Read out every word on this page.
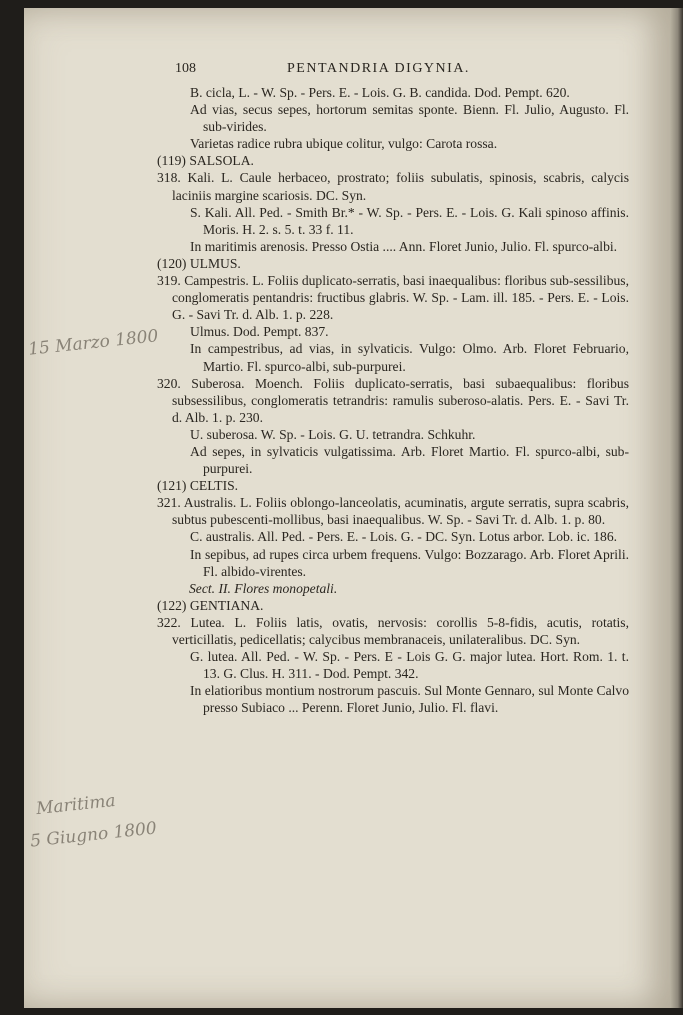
108	PENTANDRIA DIGYNIA.

B. cicla, L. - W. Sp. - Pers. E. - Lois. G. B. candida. Dod. Pempt. 620.

Ad vias, secus sepes, hortorum semitas sponte. Bienn. Fl. Julio, Augusto. Fl. sub-virides.

Varietas radice rubra ubique colitur, vulgo: Carota rossa.

(119) SALSOLA.

318. Kali. L. Caule herbaceo, prostrato; foliis subulatis, spinosis, scabris, calycis laciniis margine scariosis. DC. Syn.

S. Kali. All. Ped. - Smith Br.* - W. Sp. - Pers. E. - Lois. G. Kali spinoso affinis. Moris. H. 2. s. 5. t. 33 f. 11.

In maritimis arenosis. Presso Ostia .... Ann. Floret Junio, Julio. Fl. spurco-albi.

(120) ULMUS.

319. Campestris. L. Foliis duplicato-serratis, basi inaequalibus: floribus sub-sessilibus, conglomeratis pentandris: fructibus glabris. W. Sp. - Lam. ill. 185. - Pers. E. - Lois. G. - Savi Tr. d. Alb. 1. p. 228.

Ulmus. Dod. Pempt. 837.

In campestribus, ad vias, in sylvaticis. Vulgo: Olmo. Arb. Floret Februario, Martio. Fl. spurco-albi, sub-purpurei.

320. Suberosa. Moench. Foliis duplicato-serratis, basi subaequalibus: floribus subsessilibus, conglomeratis tetrandris: ramulis suberoso-alatis. Pers. E. - Savi Tr. d. Alb. 1. p. 230.

U. suberosa. W. Sp. - Lois. G. U. tetrandra. Schkuhr.

Ad sepes, in sylvaticis vulgatissima. Arb. Floret Martio. Fl. spurco-albi, sub-purpurei.

(121) CELTIS.

321. Australis. L. Foliis oblongo-lanceolatis, acuminatis, argute serratis, supra scabris, subtus pubescenti-mollibus, basi inaequalibus. W. Sp. - Savi Tr. d. Alb. 1. p. 80.

C. australis. All. Ped. - Pers. E. - Lois. G. - DC. Syn. Lotus arbor. Lob. ic. 186.

In sepibus, ad rupes circa urbem frequens. Vulgo: Bozzarago. Arb. Floret Aprili. Fl. albido-virentes.

Sect. II. Flores monopetali.

(122) GENTIANA.

322. Lutea. L. Foliis latis, ovatis, nervosis: corollis 5-8-fidis, acutis, rotatis, verticillatis, pedicellatis; calycibus membranaceis, unilateralibus. DC. Syn.

G. lutea. All. Ped. - W. Sp. - Pers. E - Lois G. G. major lutea. Hort. Rom. 1. t. 13. G. Clus. H. 311. - Dod. Pempt. 342.

In elatioribus montium nostrorum pascuis. Sul Monte Gennaro, sul Monte Calvo presso Subiaco ... Perenn. Floret Junio, Julio. Fl. flavi.

15 Marzo 1800
Maritima
5 Giugno 1800
